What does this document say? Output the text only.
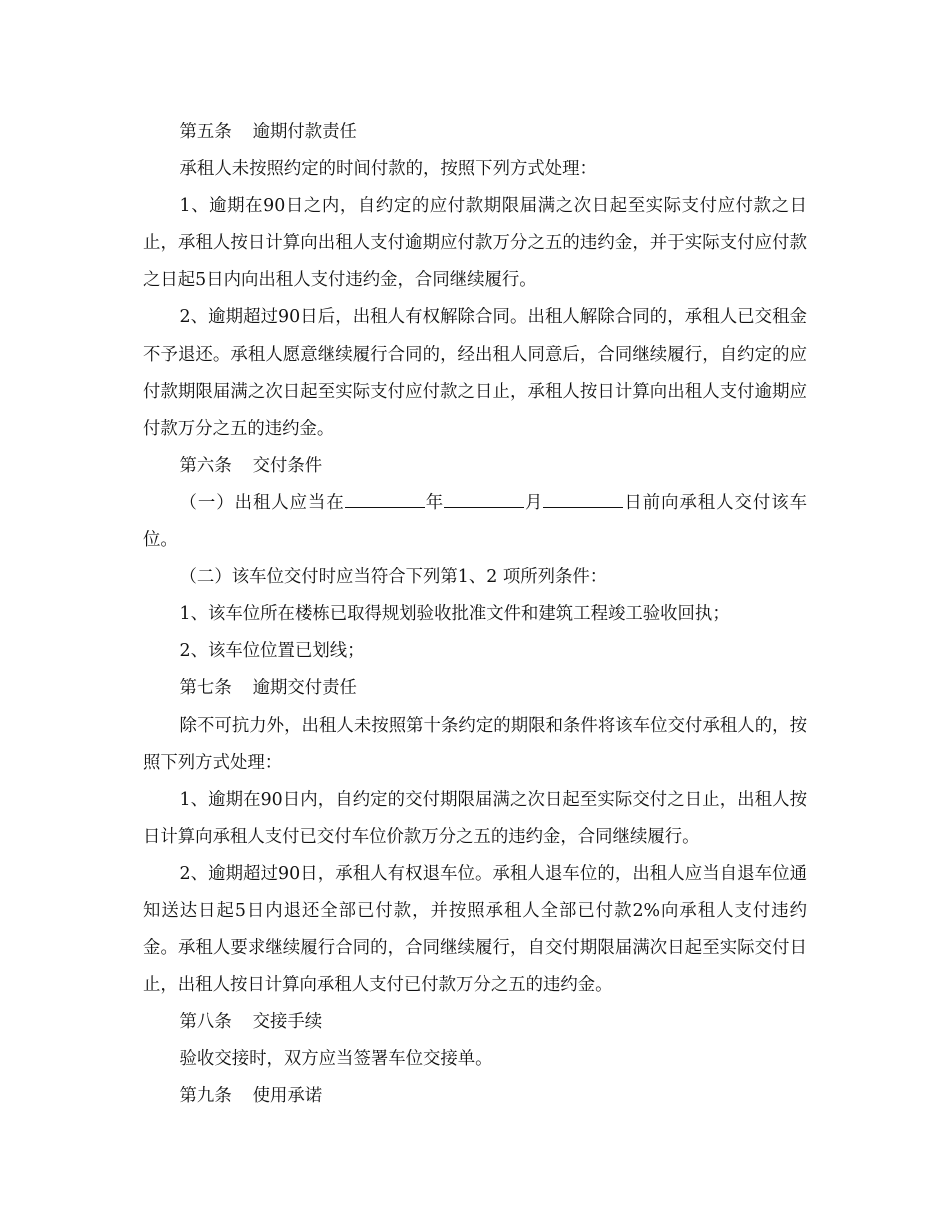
第五条 逾期付款责任

承租人未按照约定的时间付款的，按照下列方式处理：

1、逾期在90日之内，自约定的应付款期限届满之次日起至实际支付应付款之日止，承租人按日计算向出租人支付逾期应付款万分之五的违约金，并于实际支付应付款之日起5日内向出租人支付违约金，合同继续履行。

2、逾期超过90日后，出租人有权解除合同。出租人解除合同的，承租人已交租金不予退还。承租人愿意继续履行合同的，经出租人同意后，合同继续履行，自约定的应付款期限届满之次日起至实际支付应付款之日止，承租人按日计算向出租人支付逾期应付款万分之五的违约金。

第六条 交付条件

（一）出租人应当在	年	月	日前向承租人交付该车位。

（二）该车位交付时应当符合下列第1、2 项所列条件：

1、该车位所在楼栋已取得规划验收批准文件和建筑工程竣工验收回执；

2、该车位位置已划线；

第七条 逾期交付责任

除不可抗力外，出租人未按照第十条约定的期限和条件将该车位交付承租人的，按照下列方式处理：

1、逾期在90日内，自约定的交付期限届满之次日起至实际交付之日止，出租人按日计算向承租人支付已交付车位价款万分之五的违约金，合同继续履行。

2、逾期超过90日，承租人有权退车位。承租人退车位的，出租人应当自退车位通知送达日起5日内退还全部已付款，并按照承租人全部已付款2%向承租人支付违约金。承租人要求继续履行合同的，合同继续履行，自交付期限届满次日起至实际交付日止，出租人按日计算向承租人支付已付款万分之五的违约金。

第八条 交接手续

验收交接时，双方应当签署车位交接单。

第九条 使用承诺
